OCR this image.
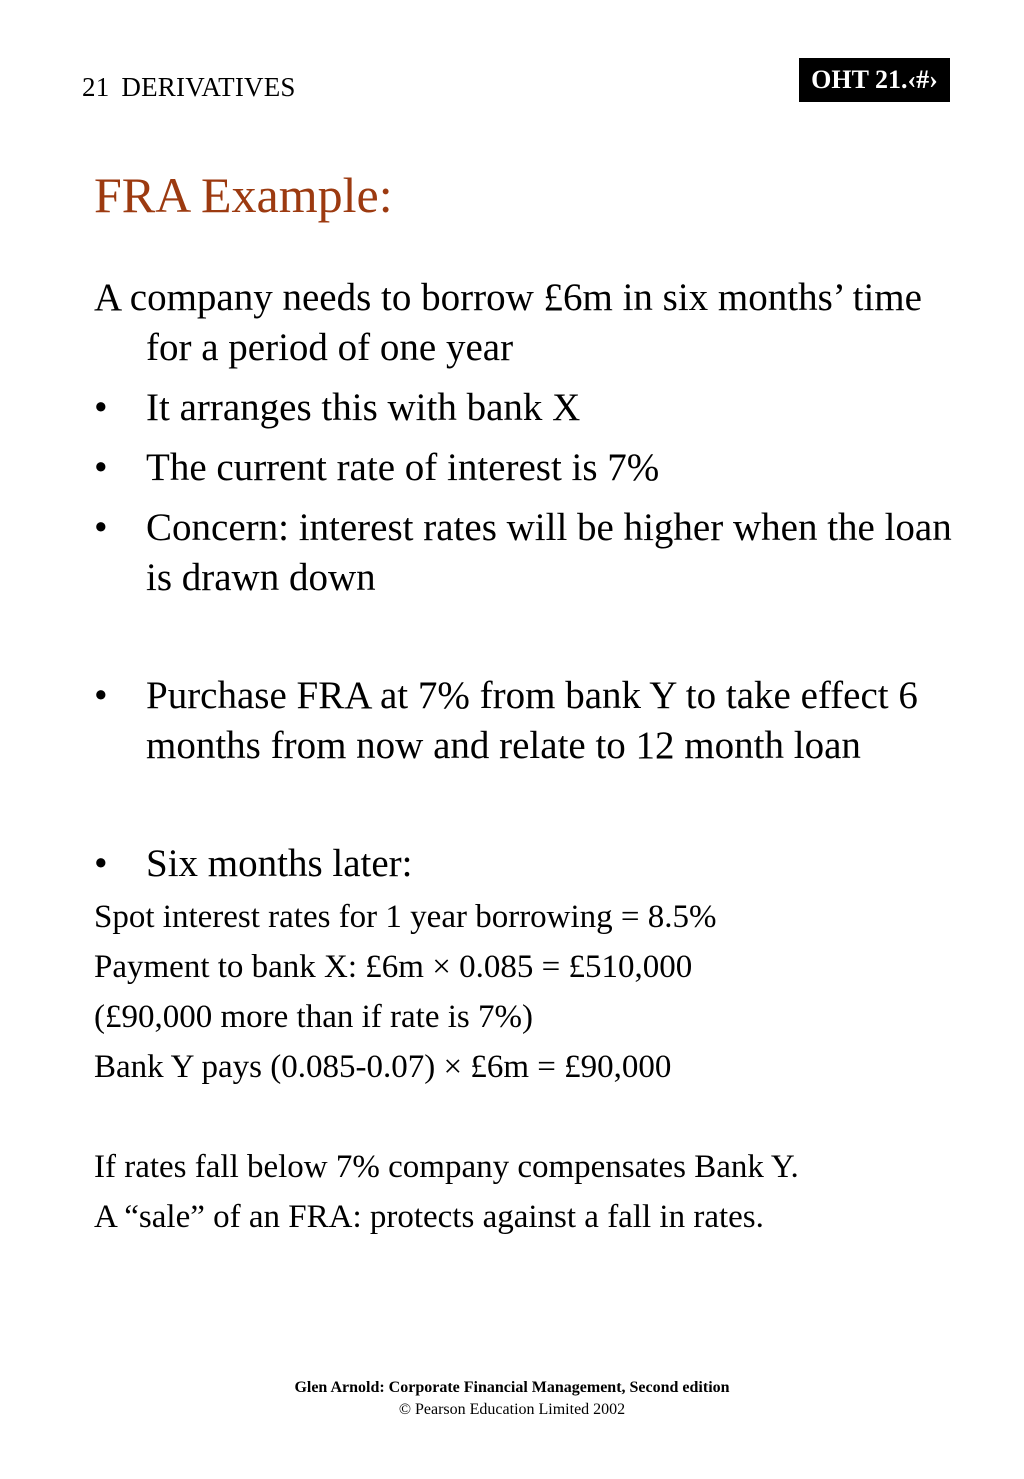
21 DERIVATIVES	OHT 21.‹#›
FRA Example:

A company needs to borrow £6m in six months’ time for a period of one year

• It arranges this with bank X

• The current rate of interest is 7%

• Concern: interest rates will be higher when the loan is drawn down

• Purchase FRA at 7% from bank Y to take effect 6 months from now and relate to 12 month loan

• Six months later:

Spot interest rates for 1 year borrowing = 8.5%
Payment to bank X: £6m × 0.085 = £510,000
(£90,000 more than if rate is 7%)
Bank Y pays (0.085-0.07) × £6m = £90,000
If rates fall below 7% company compensates Bank Y.
A “sale” of an FRA: protects against a fall in rates.
Glen Arnold: Corporate Financial Management, Second edition
© Pearson Education Limited 2002
